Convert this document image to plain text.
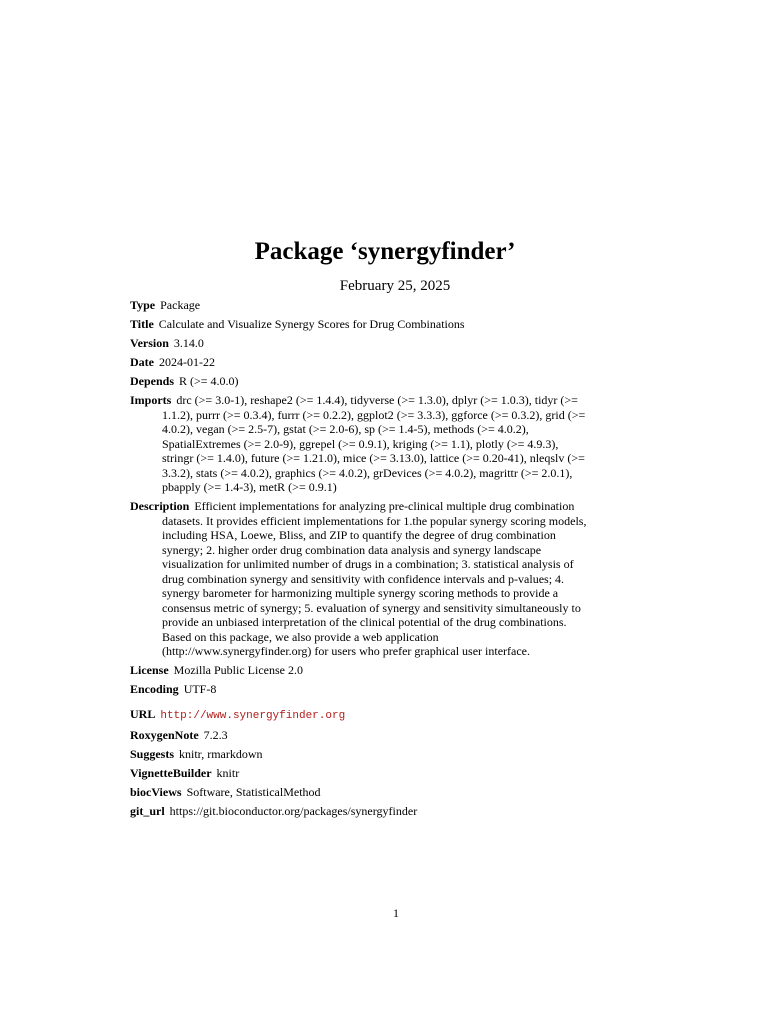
Package ‘synergyfinder’
February 25, 2025
Type Package
Title Calculate and Visualize Synergy Scores for Drug Combinations
Version 3.14.0
Date 2024-01-22
Depends R (>= 4.0.0)
Imports drc (>= 3.0-1), reshape2 (>= 1.4.4), tidyverse (>= 1.3.0), dplyr (>= 1.0.3), tidyr (>= 1.1.2), purrr (>= 0.3.4), furrr (>= 0.2.2), ggplot2 (>= 3.3.3), ggforce (>= 0.3.2), grid (>= 4.0.2), vegan (>= 2.5-7), gstat (>= 2.0-6), sp (>= 1.4-5), methods (>= 4.0.2), SpatialExtremes (>= 2.0-9), ggrepel (>= 0.9.1), kriging (>= 1.1), plotly (>= 4.9.3), stringr (>= 1.4.0), future (>= 1.21.0), mice (>= 3.13.0), lattice (>= 0.20-41), nleqslv (>= 3.3.2), stats (>= 4.0.2), graphics (>= 4.0.2), grDevices (>= 4.0.2), magrittr (>= 2.0.1), pbapply (>= 1.4-3), metR (>= 0.9.1)
Description Efficient implementations for analyzing pre-clinical multiple drug combination datasets. It provides efficient implementations for 1.the popular synergy scoring models, including HSA, Loewe, Bliss, and ZIP to quantify the degree of drug combination synergy; 2. higher order drug combination data analysis and synergy landscape visualization for unlimited number of drugs in a combination; 3. statistical analysis of drug combination synergy and sensitivity with confidence intervals and p-values; 4. synergy barometer for harmonizing multiple synergy scoring methods to provide a consensus metric of synergy; 5. evaluation of synergy and sensitivity simultaneously to provide an unbiased interpretation of the clinical potential of the drug combinations. Based on this package, we also provide a web application (http://www.synergyfinder.org) for users who prefer graphical user interface.
License Mozilla Public License 2.0
Encoding UTF-8
URL http://www.synergyfinder.org
RoxygenNote 7.2.3
Suggests knitr, rmarkdown
VignetteBuilder knitr
biocViews Software, StatisticalMethod
git_url https://git.bioconductor.org/packages/synergyfinder
1
